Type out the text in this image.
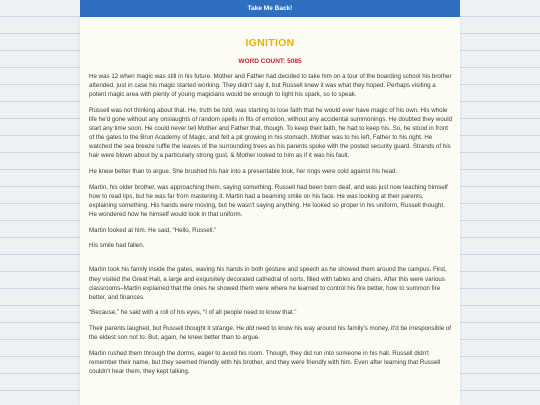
Take Me Back!
IGNITION
WORD COUNT: 5085

He was 12 when magic was still in his future. Mother and Father had decided to take him on a tour of the boarding school his brother attended, just in case his magic started working. They didn't say it, but Russell knew it was what they hoped. Perhaps visiting a potent magic area with plenty of young magicians would be enough to light his spark, so to speak.

Russell was not thinking about that. He, truth be told, was starting to lose faith that he would ever have magic of his own. His whole life he'd gone without any onslaughts of random spells in fits of emotion, without any accidental summonings. He doubted they would start any time soon. He could never tell Mother and Father that, though. To keep their faith, he had to keep his. So, he stood in front of the gates to the Brun Academy of Magic, and felt a pit growing in his stomach. Mother was to his left, Father to his right. He watched the sea breeze ruffle the leaves of the surrounding trees as his parents spoke with the posted security guard. Strands of his hair were blown about by a particularly strong gust, & Mother looked to him as if it was his fault.

He knew better than to argue. She brushed his hair into a presentable look, her rings were cold against his head.

Martin, his older brother, was approaching them, saying something. Russell had been born deaf, and was just now teaching himself how to read lips, but he was far from mastering it. Martin had a beaming smile on his face. He was looking at their parents, explaining something. His hands were moving, but he wasn't saying anything. He looked so proper in his uniform, Russell thought. He wondered how he himself would look in that uniform.

Martin looked at him. He said, “Hello, Russell.”

His smile had fallen.

Martin took his family inside the gates, waving his hands in both gesture and speech as he showed them around the campus. First, they visited the Great Hall, a large and exquisitely decorated cathedral of sorts, filled with tables and chairs. After this were various classrooms–Martin explained that the ones he showed them were where he learned to control his fire better, how to summon fire better, and finances.

“Because,” he said with a roll of his eyes, “I of all people need to know that.”

Their parents laughed, but Russell thought it strange. He did need to know his way around his family's money, it'd be irresponsible of the eldest son not to. But, again, he knew better than to argue.

Martin rushed them through the dorms, eager to avoid his room. Though, they did run into someone in his hall. Russell didn't remember their name, but they seemed friendly with his brother, and they were friendly with him. Even after learning that Russell couldn't hear them, they kept talking.
